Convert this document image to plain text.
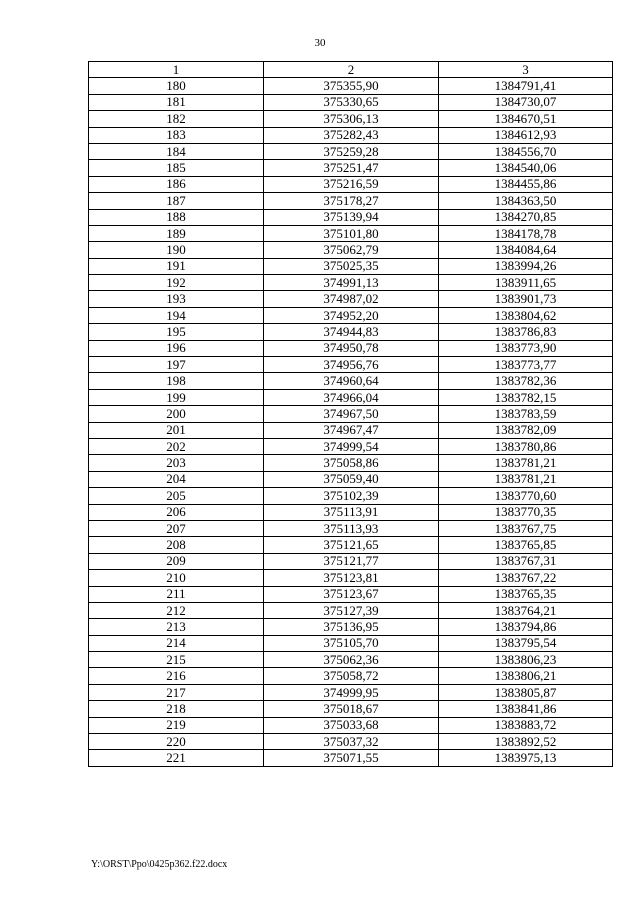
30
1	2	3
180	375355,90	1384791,41
181	375330,65	1384730,07
182	375306,13	1384670,51
183	375282,43	1384612,93
184	375259,28	1384556,70
185	375251,47	1384540,06
186	375216,59	1384455,86
187	375178,27	1384363,50
188	375139,94	1384270,85
189	375101,80	1384178,78
190	375062,79	1384084,64
191	375025,35	1383994,26
192	374991,13	1383911,65
193	374987,02	1383901,73
194	374952,20	1383804,62
195	374944,83	1383786,83
196	374950,78	1383773,90
197	374956,76	1383773,77
198	374960,64	1383782,36
199	374966,04	1383782,15
200	374967,50	1383783,59
201	374967,47	1383782,09
202	374999,54	1383780,86
203	375058,86	1383781,21
204	375059,40	1383781,21
205	375102,39	1383770,60
206	375113,91	1383770,35
207	375113,93	1383767,75
208	375121,65	1383765,85
209	375121,77	1383767,31
210	375123,81	1383767,22
211	375123,67	1383765,35
212	375127,39	1383764,21
213	375136,95	1383794,86
214	375105,70	1383795,54
215	375062,36	1383806,23
216	375058,72	1383806,21
217	374999,95	1383805,87
218	375018,67	1383841,86
219	375033,68	1383883,72
220	375037,32	1383892,52
221	375071,55	1383975,13
Y:\ORST\Ppo\0425p362.f22.docx
